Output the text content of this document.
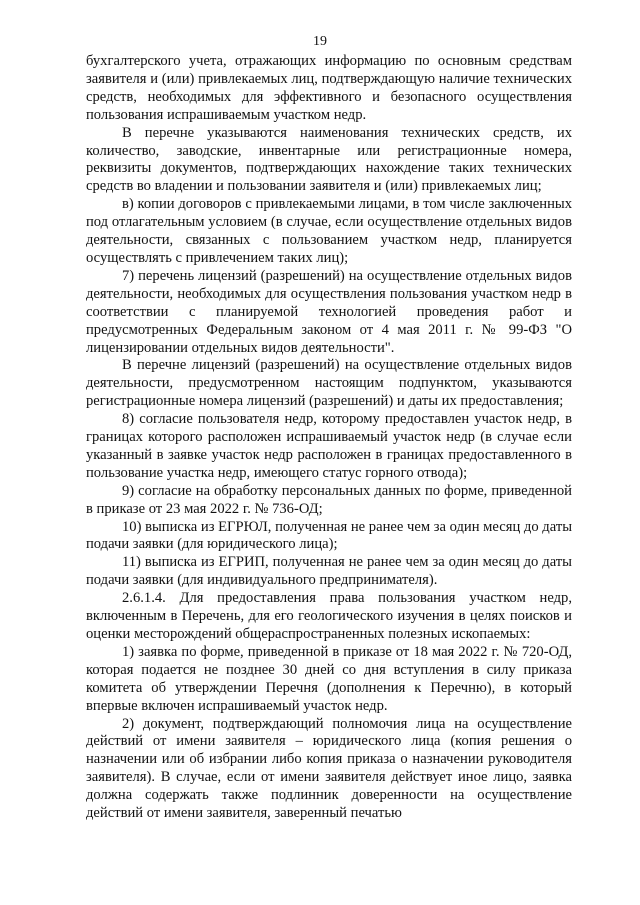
19

бухгалтерского учета, отражающих информацию по основным средствам заявителя и (или) привлекаемых лиц, подтверждающую наличие технических средств, необходимых для эффективного и безопасного осуществления пользования испрашиваемым участком недр.

В перечне указываются наименования технических средств, их количество, заводские, инвентарные или регистрационные номера, реквизиты документов, подтверждающих нахождение таких технических средств во владении и пользовании заявителя и (или) привлекаемых лиц;

в) копии договоров с привлекаемыми лицами, в том числе заключенных под отлагательным условием (в случае, если осуществление отдельных видов деятельности, связанных с пользованием участком недр, планируется осуществлять с привлечением таких лиц);

7) перечень лицензий (разрешений) на осуществление отдельных видов деятельности, необходимых для осуществления пользования участком недр в соответствии с планируемой технологией проведения работ и предусмотренных Федеральным законом от 4 мая 2011 г. № 99-ФЗ "О лицензировании отдельных видов деятельности".

В перечне лицензий (разрешений) на осуществление отдельных видов деятельности, предусмотренном настоящим подпунктом, указываются регистрационные номера лицензий (разрешений) и даты их предоставления;

8) согласие пользователя недр, которому предоставлен участок недр, в границах которого расположен испрашиваемый участок недр (в случае если указанный в заявке участок недр расположен в границах предоставленного в пользование участка недр, имеющего статус горного отвода);

9) согласие на обработку персональных данных по форме, приведенной в приказе от 23 мая 2022 г. № 736-ОД;

10) выписка из ЕГРЮЛ, полученная не ранее чем за один месяц до даты подачи заявки (для юридического лица);

11) выписка из ЕГРИП, полученная не ранее чем за один месяц до даты подачи заявки (для индивидуального предпринимателя).

2.6.1.4. Для предоставления права пользования участком недр, включенным в Перечень, для его геологического изучения в целях поисков и оценки месторождений общераспространенных полезных ископаемых:

1) заявка по форме, приведенной в приказе от 18 мая 2022 г. № 720-ОД, которая подается не позднее 30 дней со дня вступления в силу приказа комитета об утверждении Перечня (дополнения к Перечню), в который впервые включен испрашиваемый участок недр.

2) документ, подтверждающий полномочия лица на осуществление действий от имени заявителя – юридического лица (копия решения о назначении или об избрании либо копия приказа о назначении руководителя заявителя). В случае, если от имени заявителя действует иное лицо, заявка должна содержать также подлинник доверенности на осуществление действий от имени заявителя, заверенный печатью
